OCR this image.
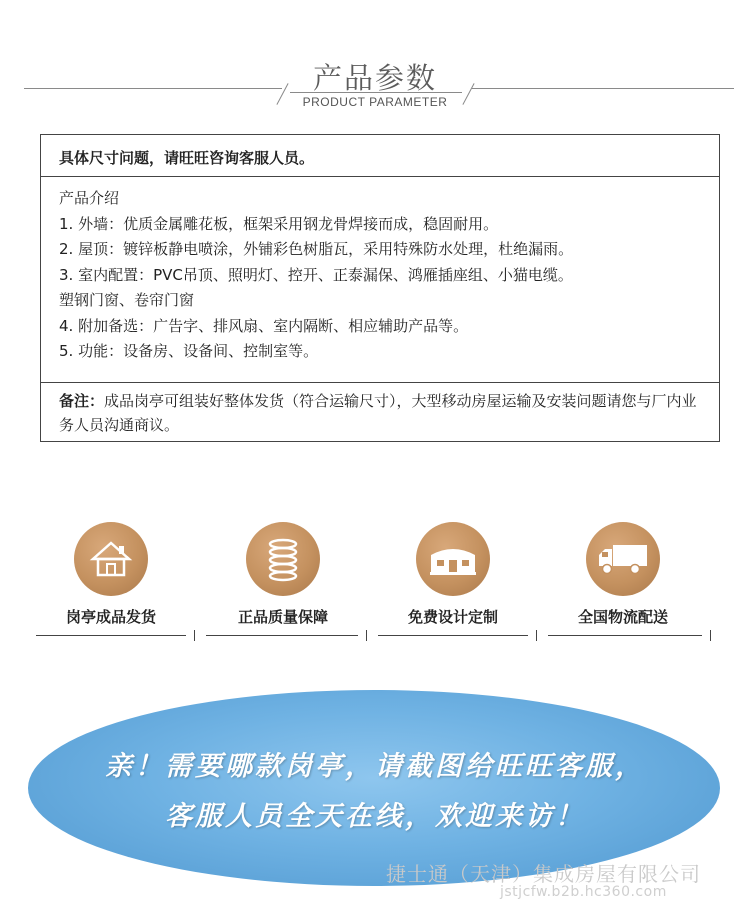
产品参数
PRODUCT PARAMETER
具体尺寸问题，请旺旺咨询客服人员。
产品介绍
1. 外墙：优质金属雕花板，框架采用钢龙骨焊接而成，稳固耐用。
2. 屋顶：镀锌板静电喷涂，外铺彩色树脂瓦，采用特殊防水处理，杜绝漏雨。
3. 室内配置：PVC吊顶、照明灯、控开、正泰漏保、鸿雁插座组、小猫电缆。
塑钢门窗、卷帘门窗
4. 附加备选：广告字、排风扇、室内隔断、相应辅助产品等。
5. 功能：设备房、设备间、控制室等。
备注：成品岗亭可组装好整体发货（符合运输尺寸），大型移动房屋运输及安装问题请您与厂内业务人员沟通商议。
岗亭成品发货	正品质量保障	免费设计定制	全国物流配送
亲！需要哪款岗亭，请截图给旺旺客服，
客服人员全天在线，欢迎来访！
捷士通（天津）集成房屋有限公司
jstjcfw.b2b.hc360.com
